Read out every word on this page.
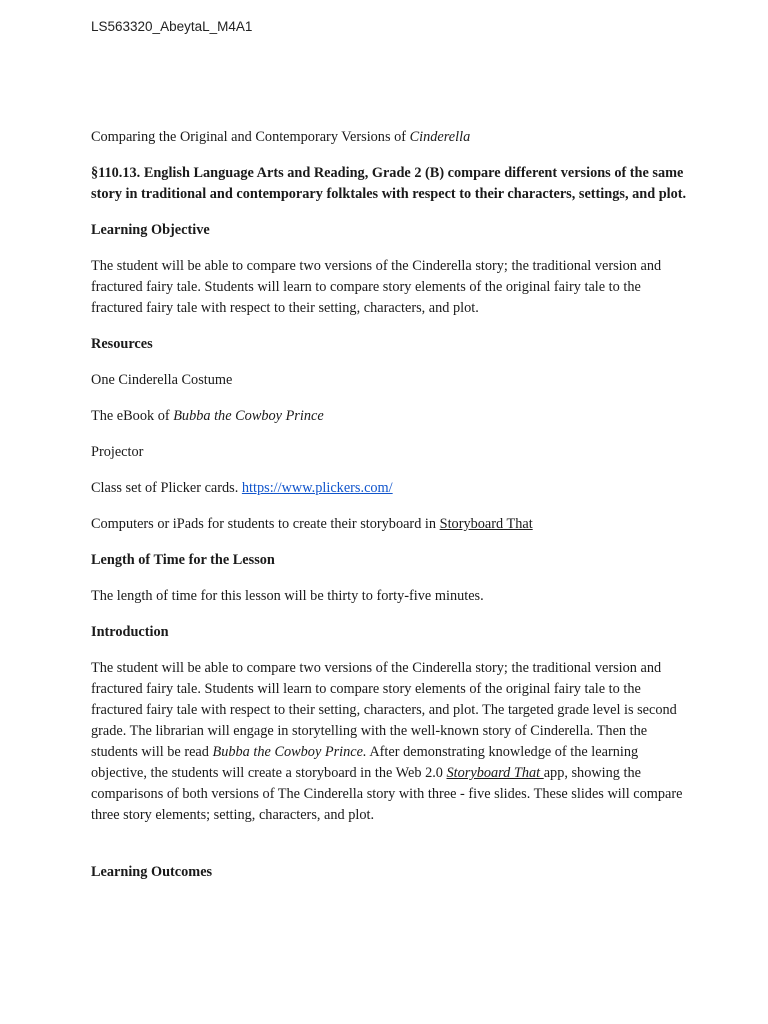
LS563320_AbeytaL_M4A1

Comparing the Original and Contemporary Versions of Cinderella

§110.13. English Language Arts and Reading, Grade 2 (B) compare different versions of the same story in traditional and contemporary folktales with respect to their characters, settings, and plot.

Learning Objective

The student will be able to compare two versions of the Cinderella story; the traditional version and fractured fairy tale. Students will learn to compare story elements of the original fairy tale to the fractured fairy tale with respect to their setting, characters, and plot.

Resources

One Cinderella Costume

The eBook of Bubba the Cowboy Prince

Projector

Class set of Plicker cards. https://www.plickers.com/

Computers or iPads for students to create their storyboard in Storyboard That

Length of Time for the Lesson

The length of time for this lesson will be thirty to forty-five minutes.

Introduction

The student will be able to compare two versions of the Cinderella story; the traditional version and fractured fairy tale. Students will learn to compare story elements of the original fairy tale to the fractured fairy tale with respect to their setting, characters, and plot. The targeted grade level is second grade. The librarian will engage in storytelling with the well-known story of Cinderella. Then the students will be read Bubba the Cowboy Prince. After demonstrating knowledge of the learning objective, the students will create a storyboard in the Web 2.0 Storyboard That app, showing the comparisons of both versions of The Cinderella story with three - five slides. These slides will compare three story elements; setting, characters, and plot.

Learning Outcomes
